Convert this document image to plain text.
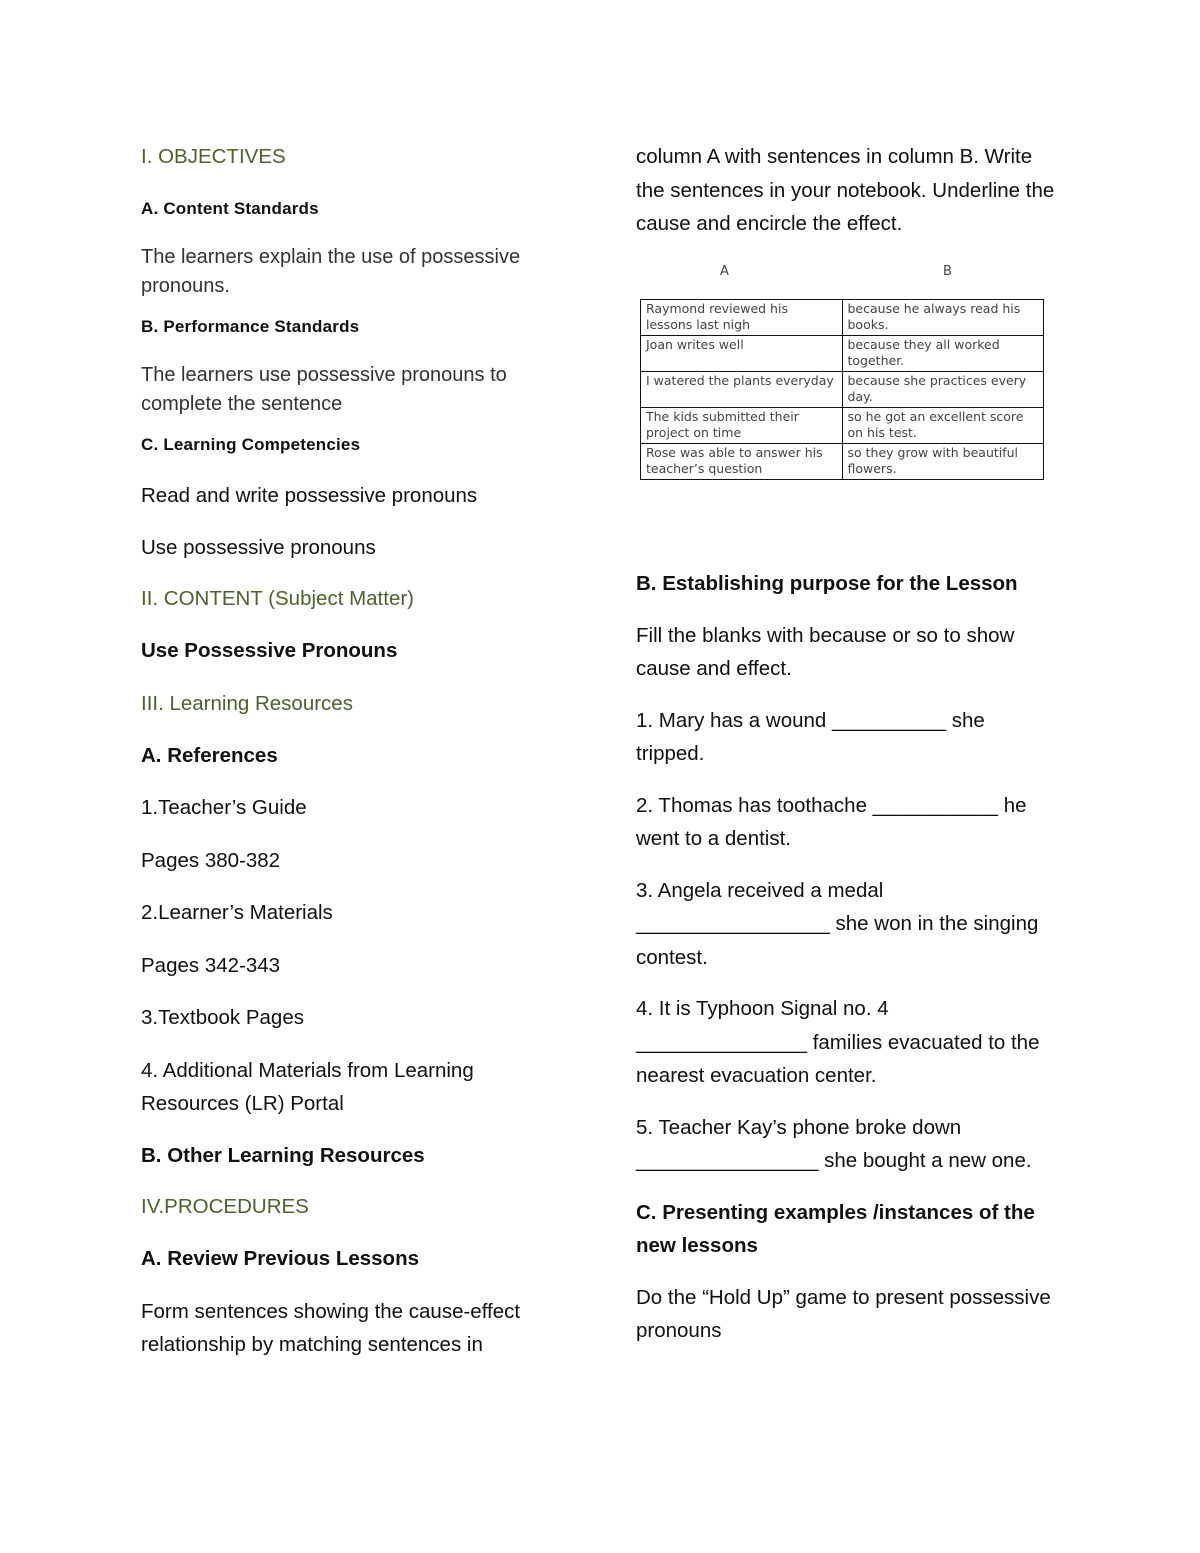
I. OBJECTIVES

A. Content Standards

The learners explain the use of possessive pronouns.

B. Performance Standards

The learners use possessive pronouns to complete the sentence

C. Learning Competencies

Read and write possessive pronouns

Use possessive pronouns

II. CONTENT (Subject Matter)

Use Possessive Pronouns

III. Learning Resources

A. References

1.Teacher’s Guide

Pages 380-382

2.Learner’s Materials

Pages 342-343

3.Textbook Pages

4. Additional Materials from Learning Resources (LR) Portal

B. Other Learning Resources

IV.PROCEDURES

A. Review Previous Lessons

Form sentences showing the cause-effect relationship by matching sentences in

column A with sentences in column B. Write the sentences in your notebook. Underline the cause and encircle the effect.

A	B
Raymond reviewed his lessons last nigh	because he always read his books.
Joan writes well	because they all worked together.
I watered the plants everyday	because she practices every day.
The kids submitted their project on time	so he got an excellent score on his test.
Rose was able to answer his teacher’s question	so they grow with beautiful flowers.

B. Establishing purpose for the Lesson

Fill the blanks with because or so to show cause and effect.

1. Mary has a wound __________ she tripped.

2. Thomas has toothache ___________ he went to a dentist.

3. Angela received a medal _________________ she won in the singing contest.

4. It is Typhoon Signal no. 4 _______________ families evacuated to the nearest evacuation center.

5. Teacher Kay’s phone broke down ________________ she bought a new one.

C. Presenting examples /instances of the new lessons

Do the “Hold Up” game to present possessive pronouns
